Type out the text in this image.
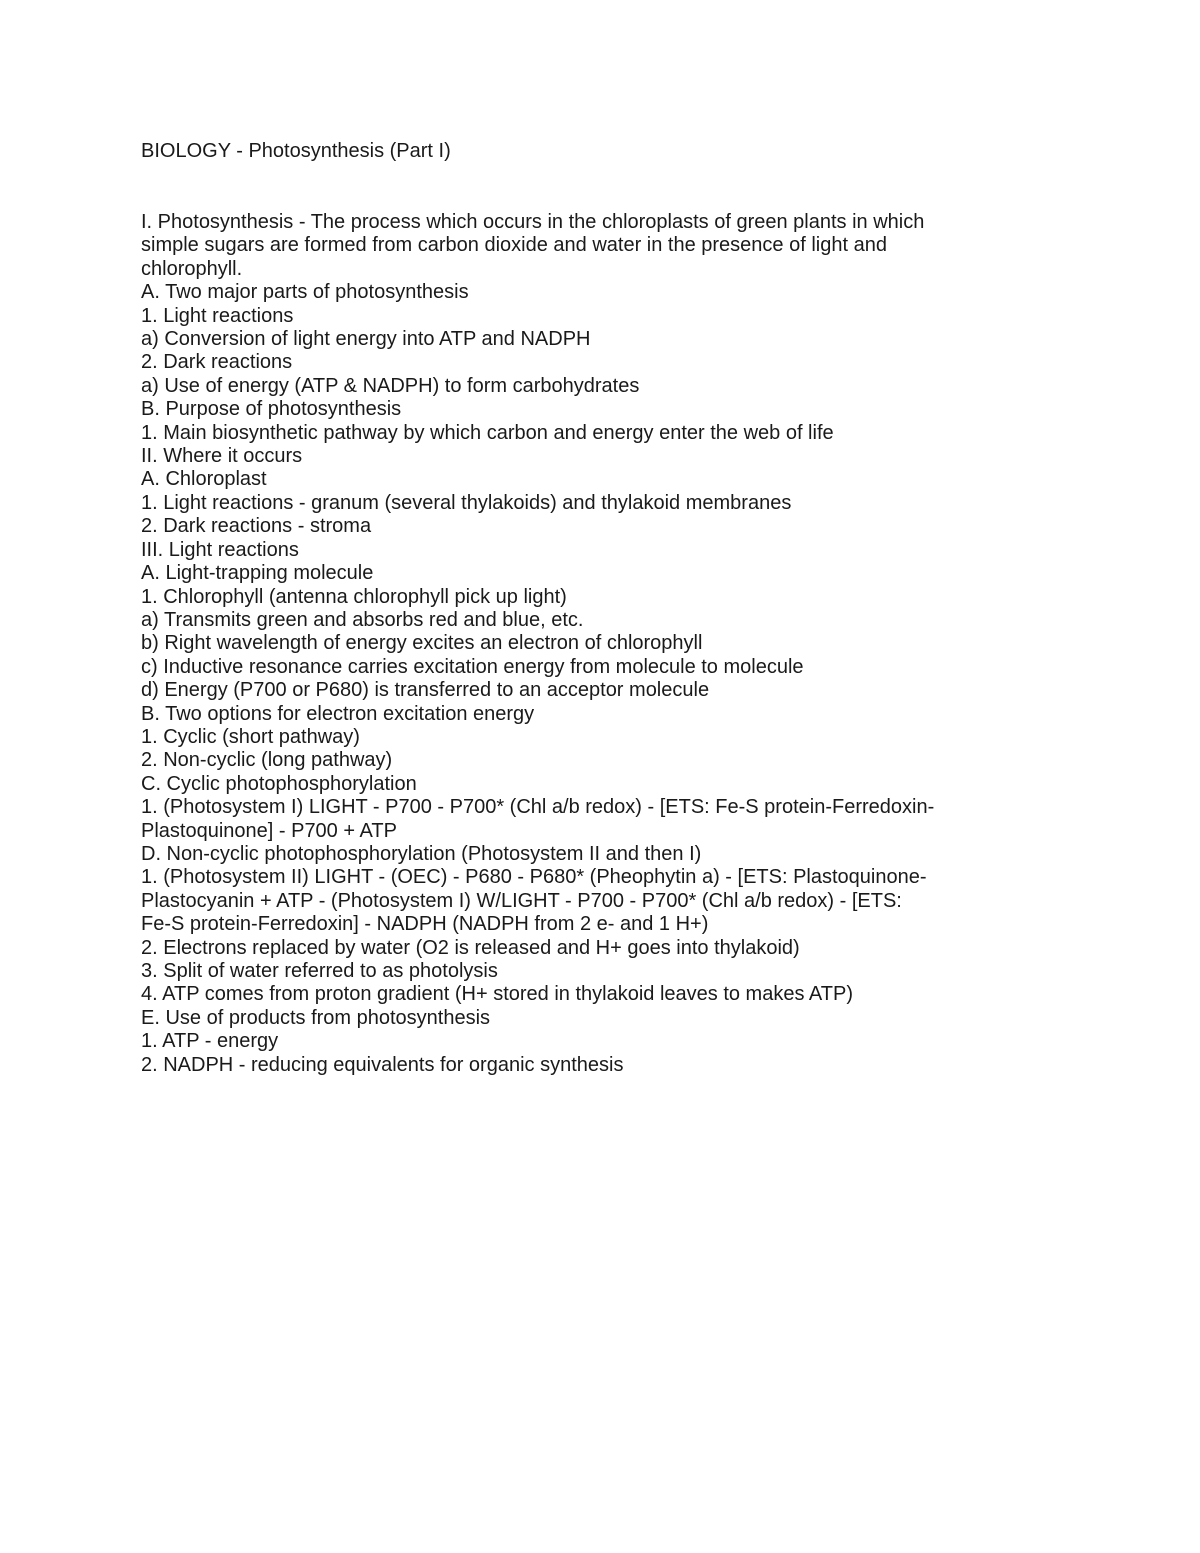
BIOLOGY - Photosynthesis (Part I)

I. Photosynthesis - The process which occurs in the chloroplasts of green plants in which

simple sugars are formed from carbon dioxide and water in the presence of light and

chlorophyll.

A. Two major parts of photosynthesis

1. Light reactions

a) Conversion of light energy into ATP and NADPH

2. Dark reactions

a) Use of energy (ATP & NADPH) to form carbohydrates

B. Purpose of photosynthesis

1. Main biosynthetic pathway by which carbon and energy enter the web of life

II. Where it occurs

A. Chloroplast

1. Light reactions - granum (several thylakoids) and thylakoid membranes

2. Dark reactions - stroma

III. Light reactions

A. Light-trapping molecule

1. Chlorophyll (antenna chlorophyll pick up light)

a) Transmits green and absorbs red and blue, etc.

b) Right wavelength of energy excites an electron of chlorophyll

c) Inductive resonance carries excitation energy from molecule to molecule

d) Energy (P700 or P680) is transferred to an acceptor molecule

B. Two options for electron excitation energy

1. Cyclic (short pathway)

2. Non-cyclic (long pathway)

C. Cyclic photophosphorylation

1. (Photosystem I) LIGHT - P700 - P700* (Chl a/b redox) - [ETS: Fe-S protein-Ferredoxin-

Plastoquinone] - P700 + ATP

D. Non-cyclic photophosphorylation (Photosystem II and then I)

1. (Photosystem II) LIGHT - (OEC) - P680 - P680* (Pheophytin a) - [ETS: Plastoquinone-

Plastocyanin + ATP - (Photosystem I) W/LIGHT - P700 - P700* (Chl a/b redox) - [ETS:

Fe-S protein-Ferredoxin] - NADPH (NADPH from 2 e- and 1 H+)

2. Electrons replaced by water (O2 is released and H+ goes into thylakoid)

3. Split of water referred to as photolysis

4. ATP comes from proton gradient (H+ stored in thylakoid leaves to makes ATP)

E. Use of products from photosynthesis

1. ATP - energy

2. NADPH - reducing equivalents for organic synthesis
